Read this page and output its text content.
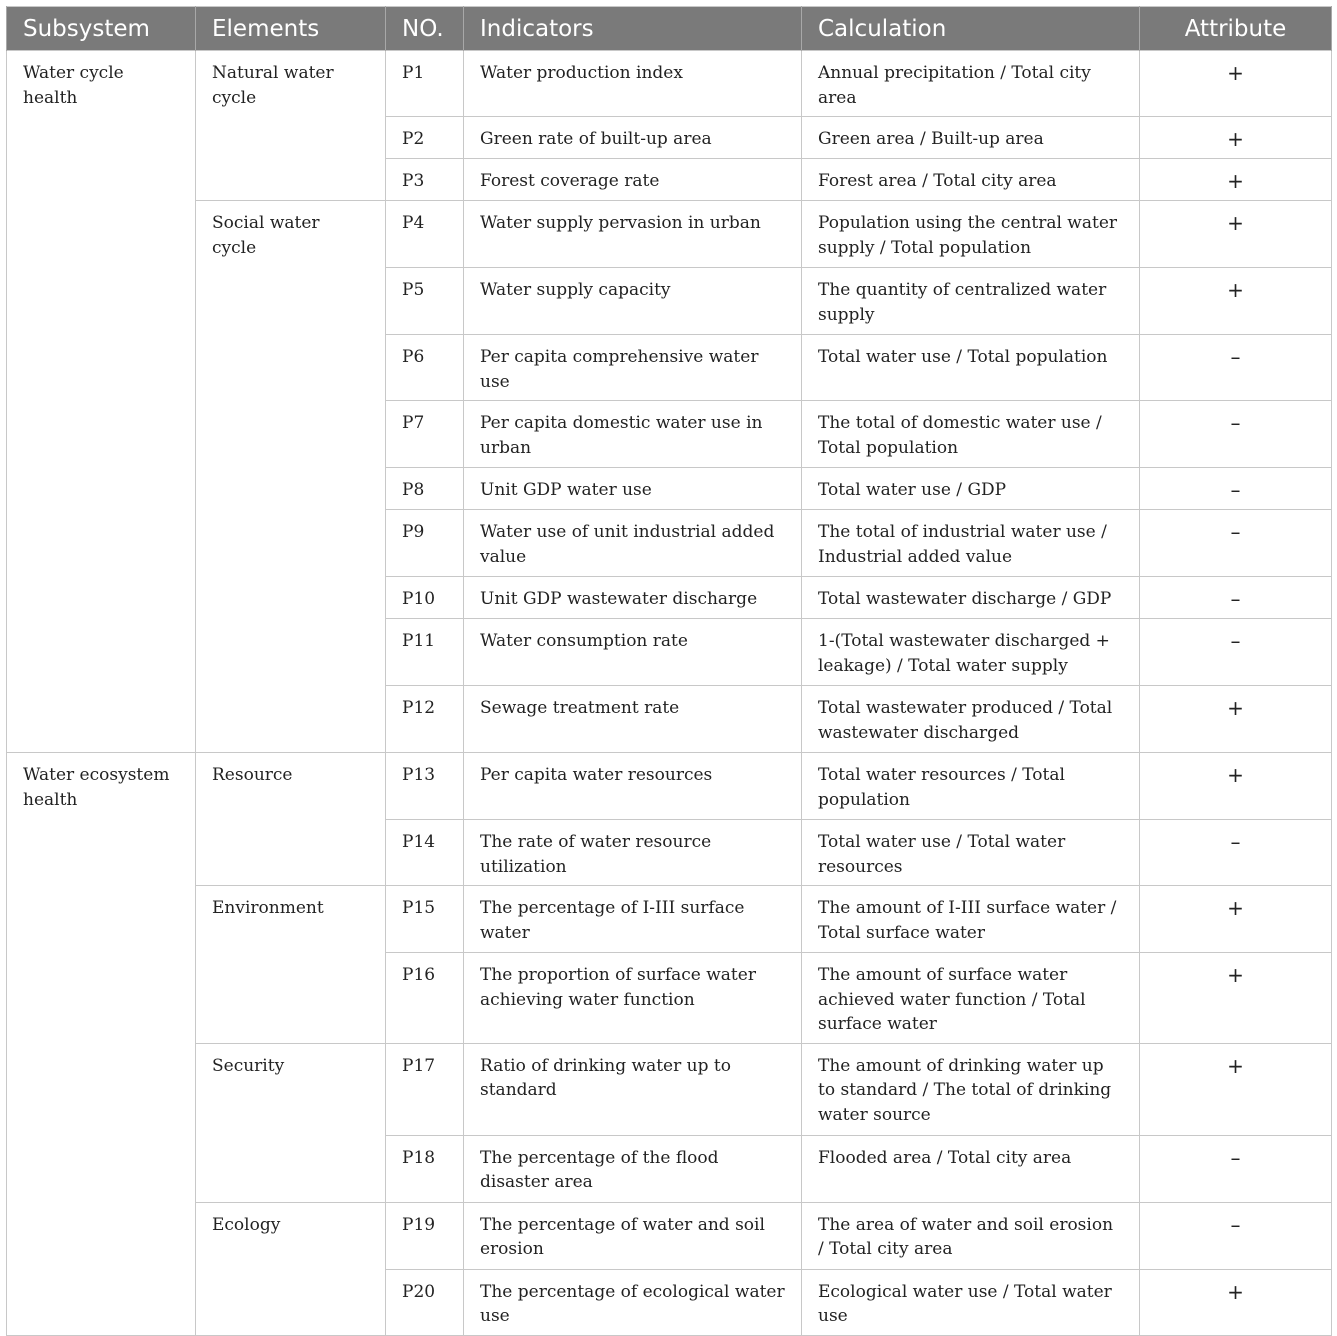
Subsystem	Elements	NO.	Indicators	Calculation	Attribute
Water cycle health	Natural water cycle	P1	Water production index	Annual precipitation / Total city area	+
		P2	Green rate of built-up area	Green area / Built-up area	+
		P3	Forest coverage rate	Forest area / Total city area	+
	Social water cycle	P4	Water supply pervasion in urban	Population using the central water supply / Total population	+
		P5	Water supply capacity	The quantity of centralized water supply	+
		P6	Per capita comprehensive water use	Total water use / Total population	–
		P7	Per capita domestic water use in urban	The total of domestic water use / Total population	–
		P8	Unit GDP water use	Total water use / GDP	–
		P9	Water use of unit industrial added value	The total of industrial water use / Industrial added value	–
		P10	Unit GDP wastewater discharge	Total wastewater discharge / GDP	–
		P11	Water consumption rate	1-(Total wastewater discharged + leakage) / Total water supply	–
		P12	Sewage treatment rate	Total wastewater produced / Total wastewater discharged	+
Water ecosystem health	Resource	P13	Per capita water resources	Total water resources / Total population	+
		P14	The rate of water resource utilization	Total water use / Total water resources	–
	Environment	P15	The percentage of I-III surface water	The amount of I-III surface water / Total surface water	+
		P16	The proportion of surface water achieving water function	The amount of surface water achieved water function / Total surface water	+
	Security	P17	Ratio of drinking water up to standard	The amount of drinking water up to standard / The total of drinking water source	+
		P18	The percentage of the flood disaster area	Flooded area / Total city area	–
	Ecology	P19	The percentage of water and soil erosion	The area of water and soil erosion / Total city area	–
		P20	The percentage of ecological water use	Ecological water use / Total water use	+
